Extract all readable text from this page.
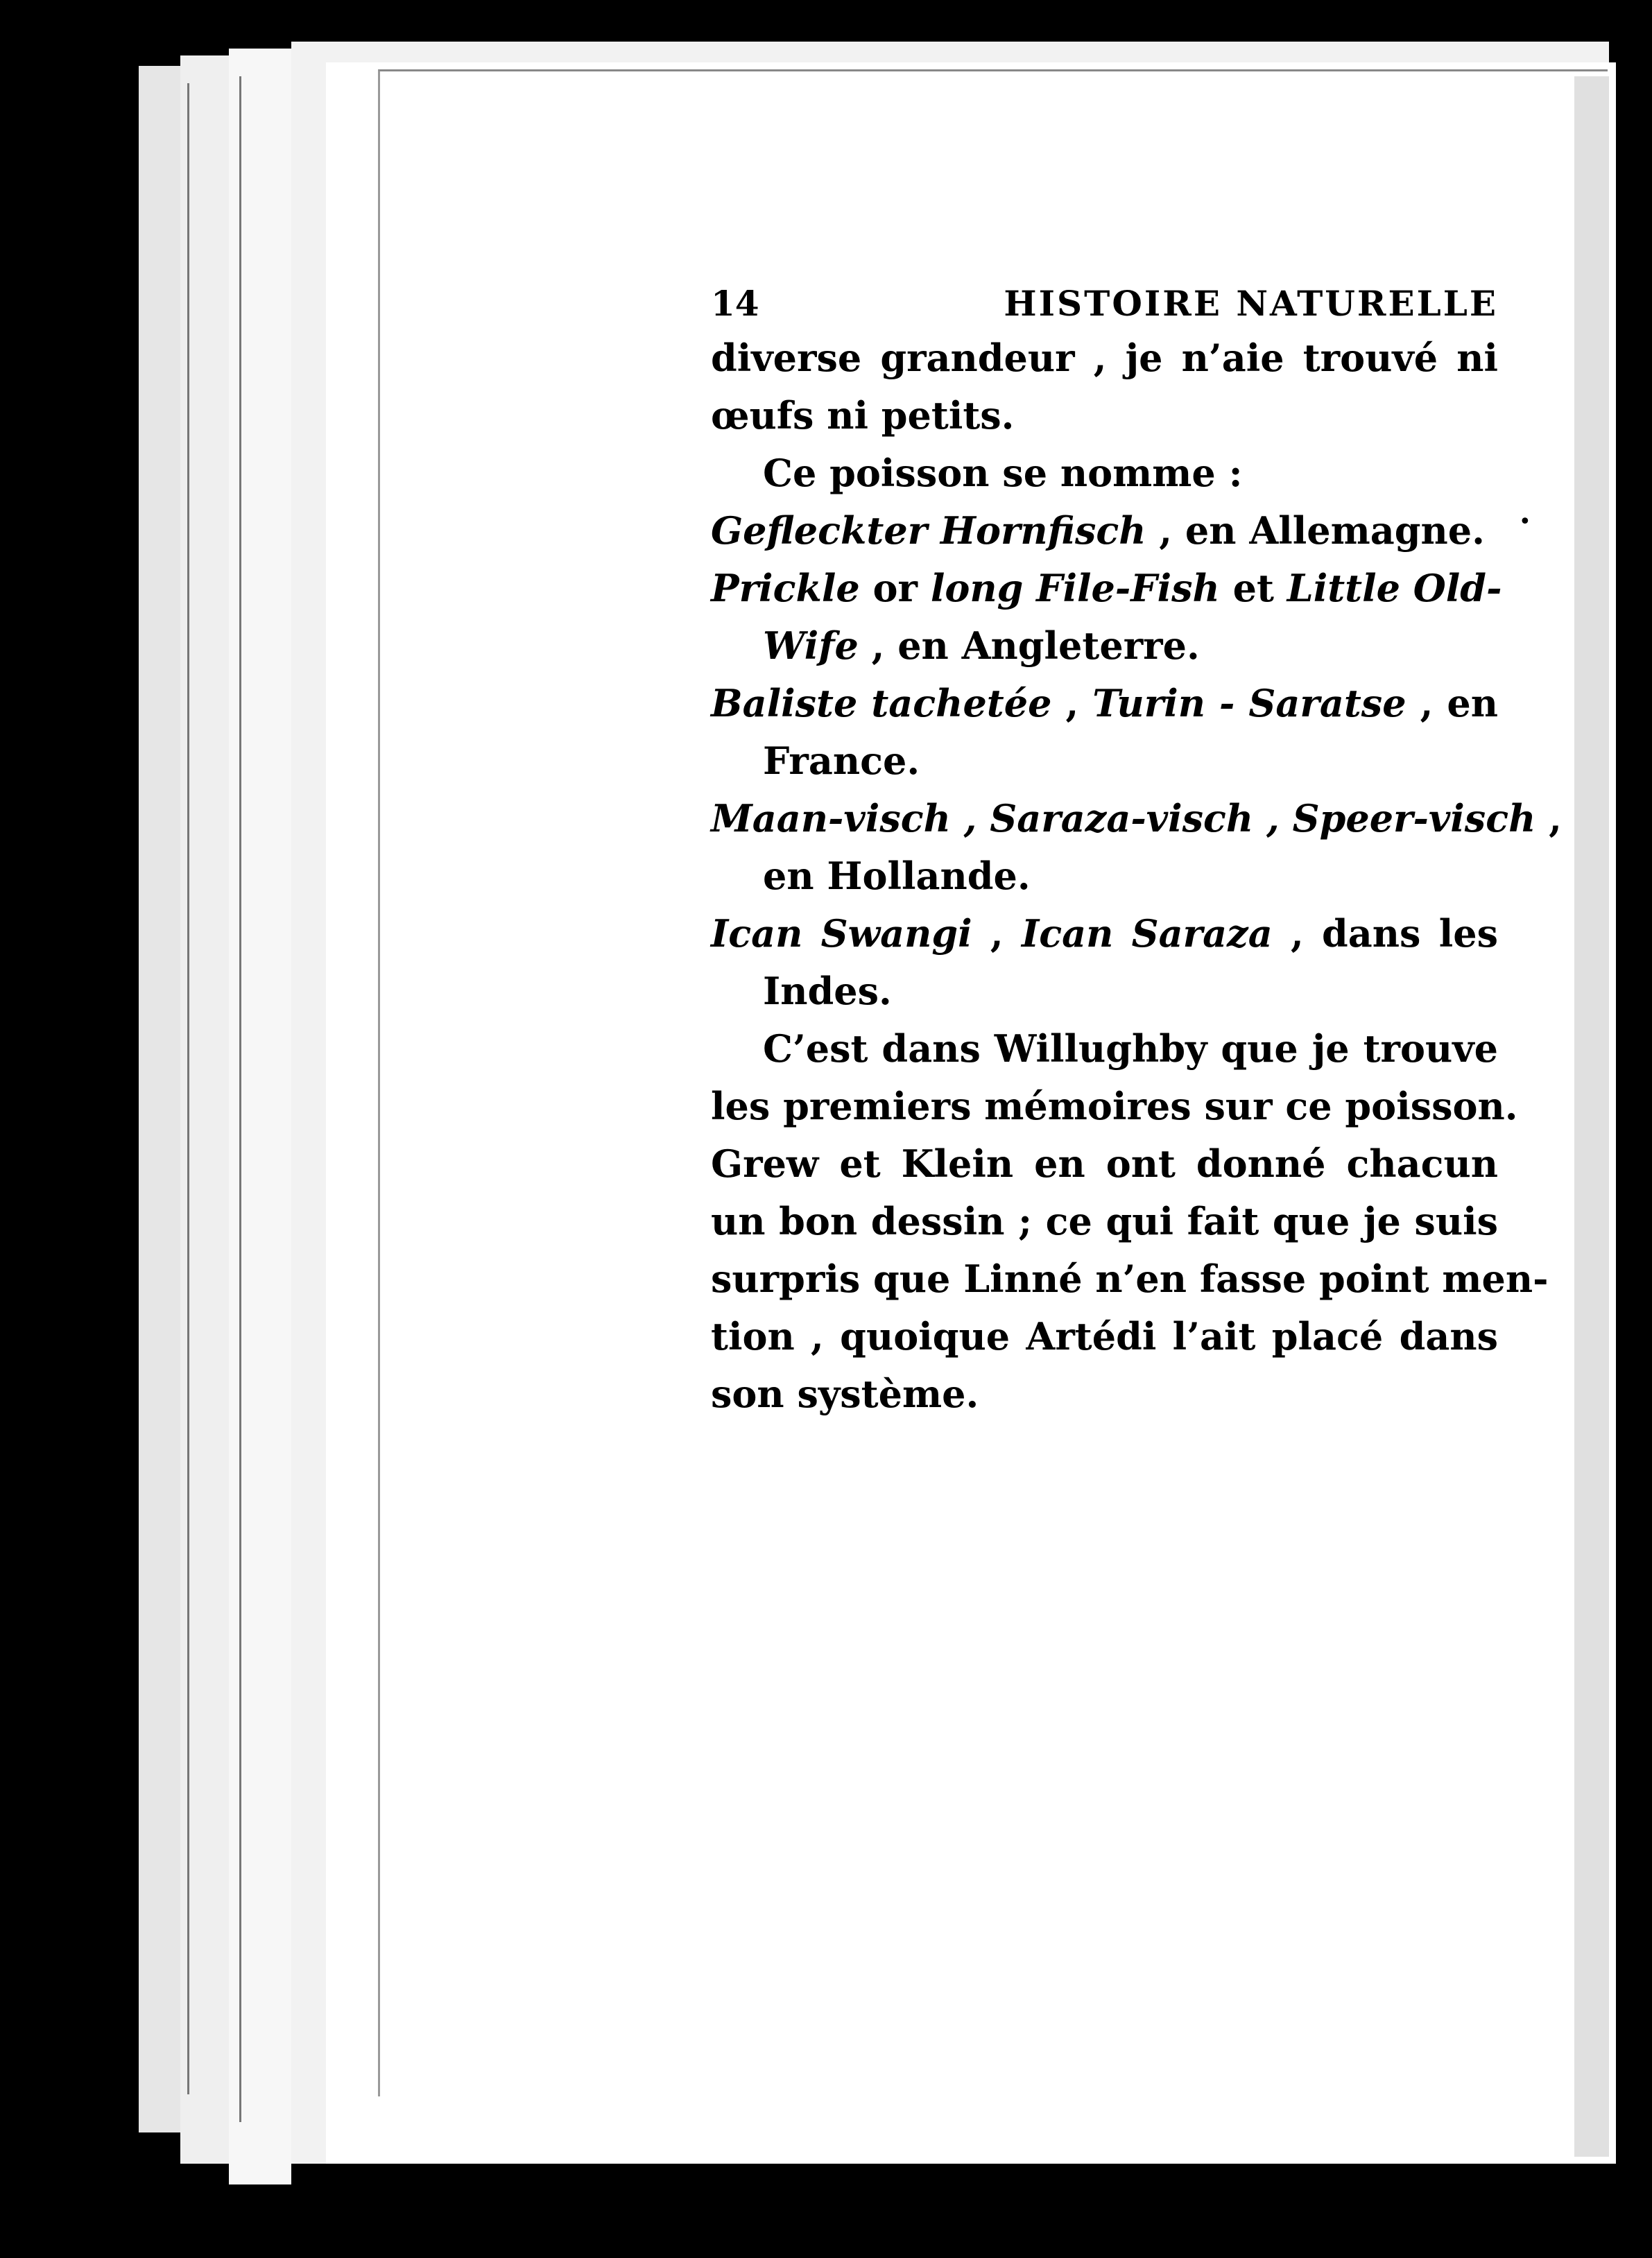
14	HISTOIRE NATURELLE
diverse grandeur , je n’aie trouvé ni
œufs ni petits.
Ce poisson se nomme :
Gefleckter Hornfisch , en Allemagne.
Prickle or long File-Fish et Little Old-
Wife , en Angleterre.
Baliste tachetée , Turin - Saratse , en
France.
Maan-visch , Saraza-visch , Speer-visch ,
en Hollande.
Ican Swangi , Ican Saraza , dans les
Indes.
C’est dans Willughby que je trouve
les premiers mémoires sur ce poisson.
Grew et Klein en ont donné chacun
un bon dessin ; ce qui fait que je suis
surpris que Linné n’en fasse point men-
tion , quoique Artédi l’ait placé dans
son système.
•
